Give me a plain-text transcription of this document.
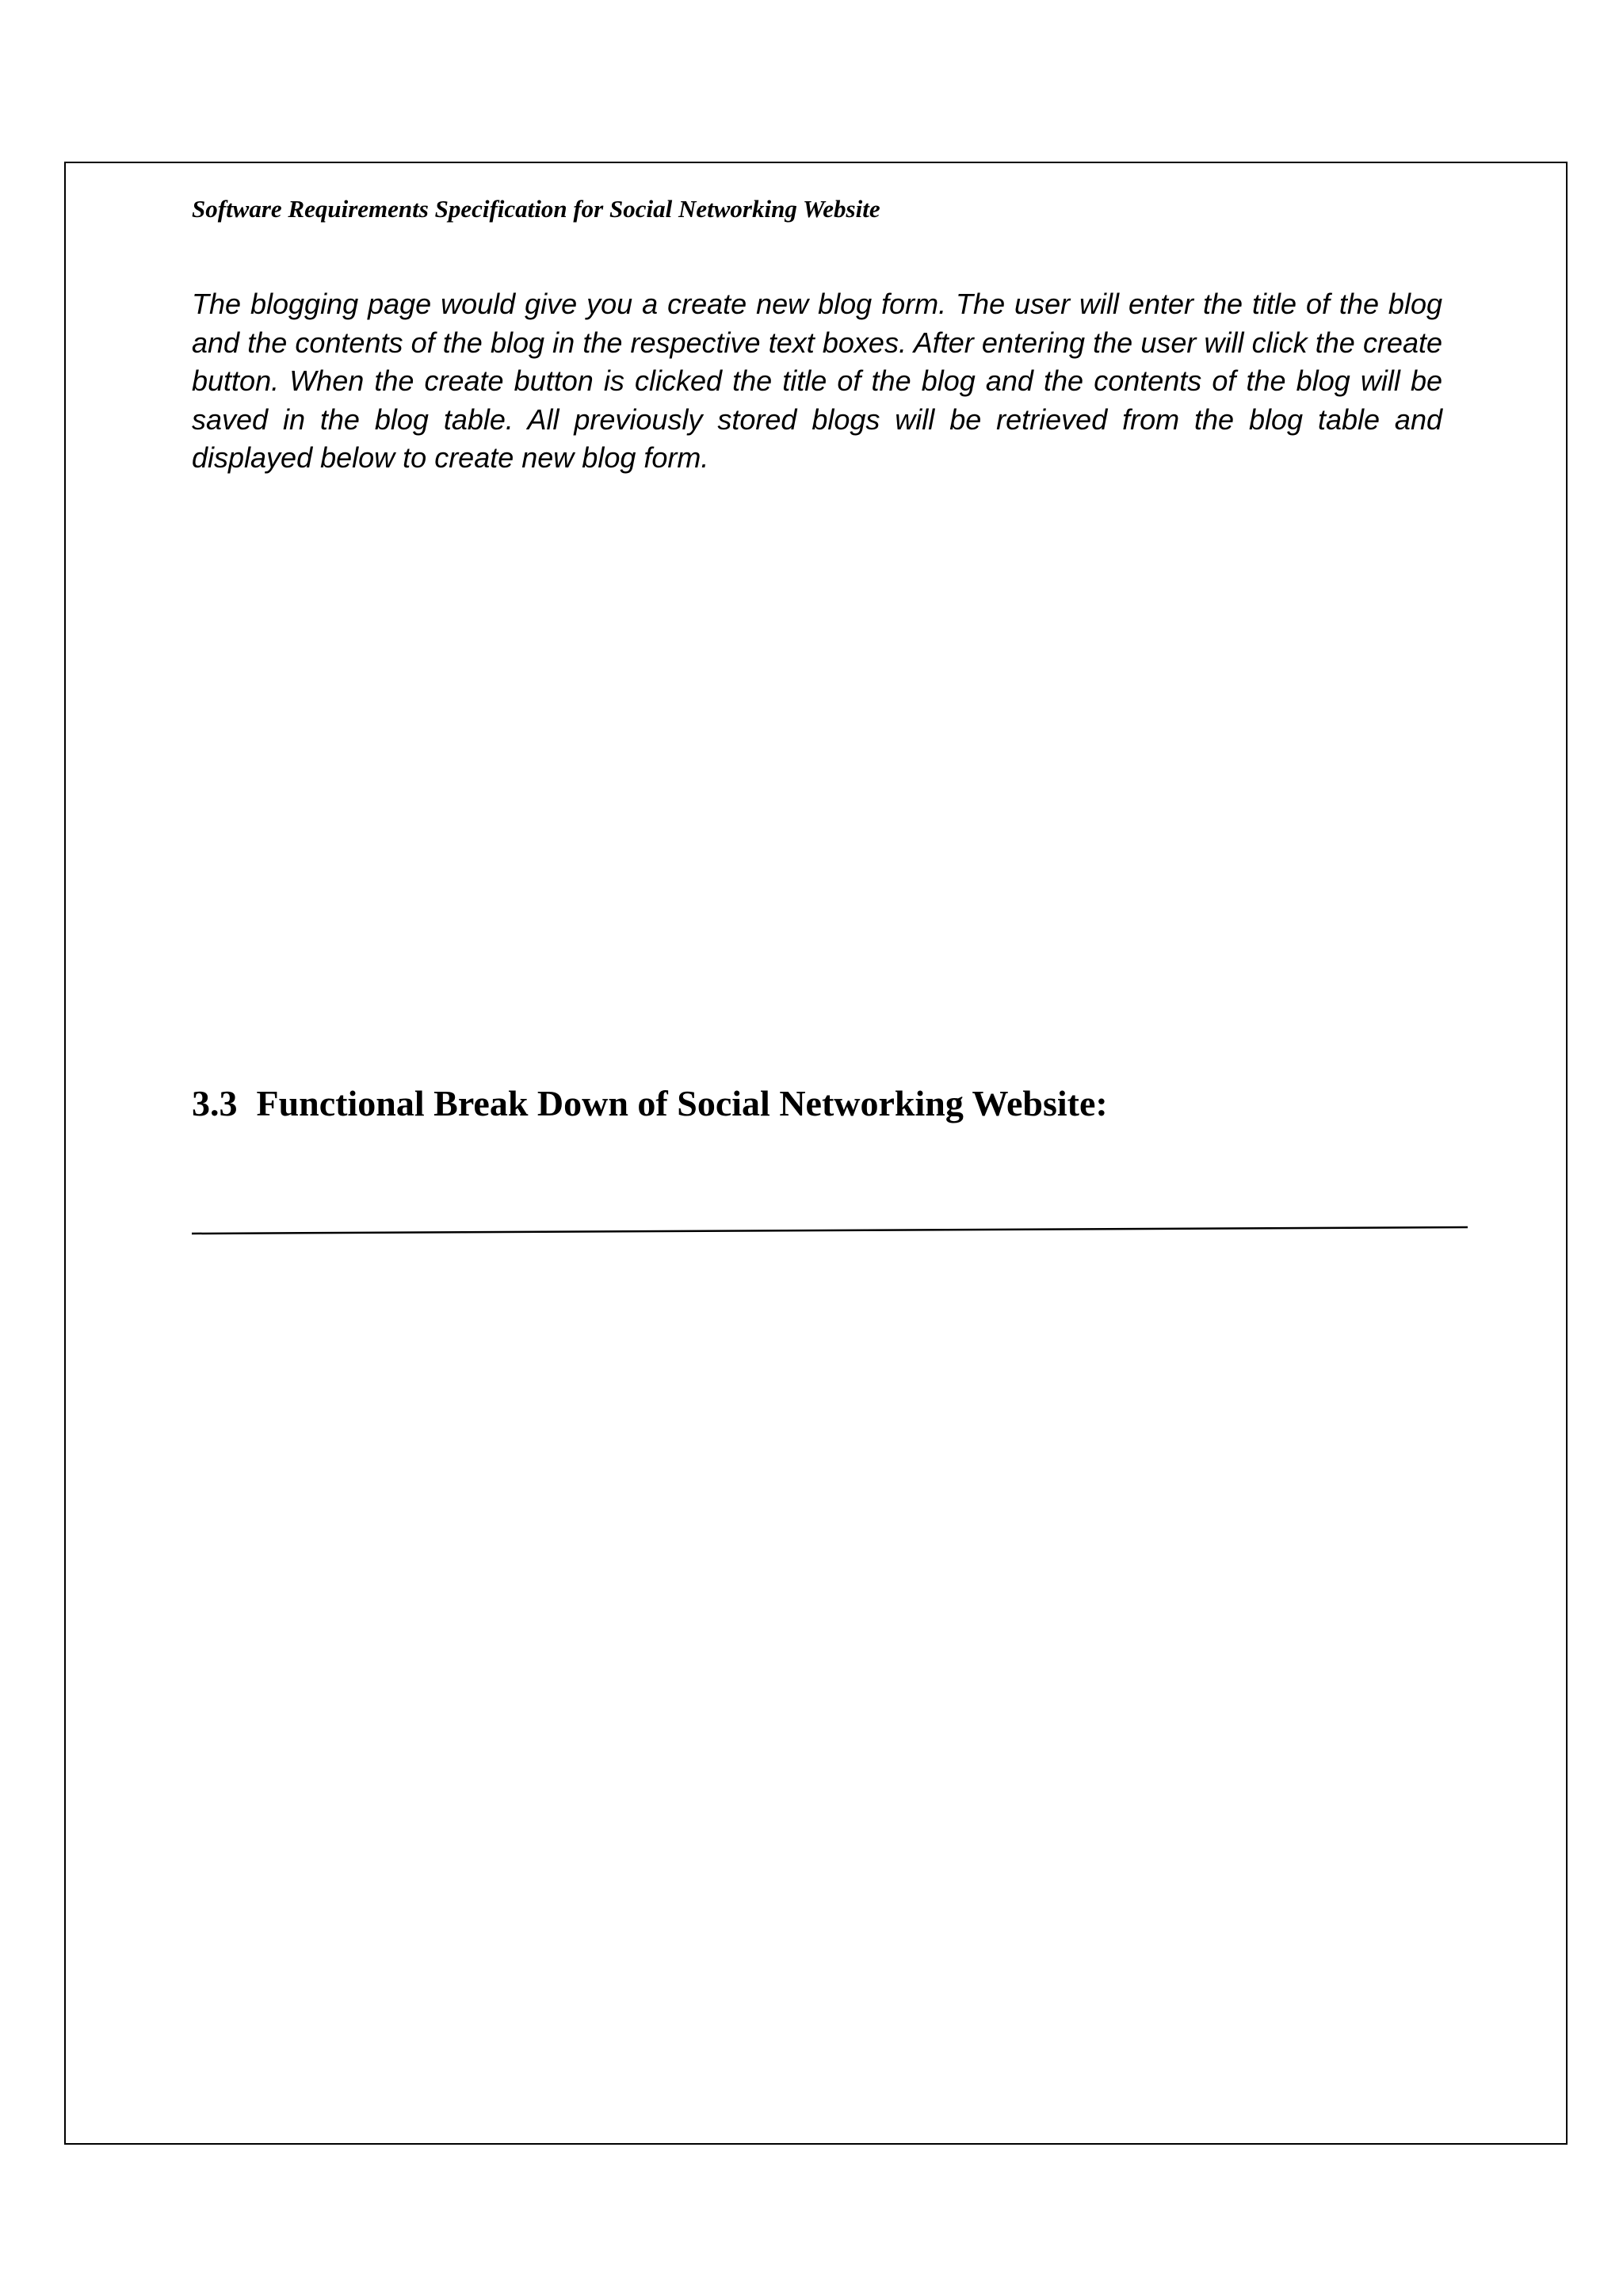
Software Requirements Specification for Social Networking Website

The blogging page would give you a create new blog form. The user will enter the title of the blog and the contents of the blog in the respective text boxes. After entering the user will click the create button. When the create button is clicked the title of the blog and the contents of the blog will be saved in the blog table. All previously stored blogs will be retrieved from the blog table and displayed below to create new blog form.

3.3 Functional Break Down of Social Networking Website:
